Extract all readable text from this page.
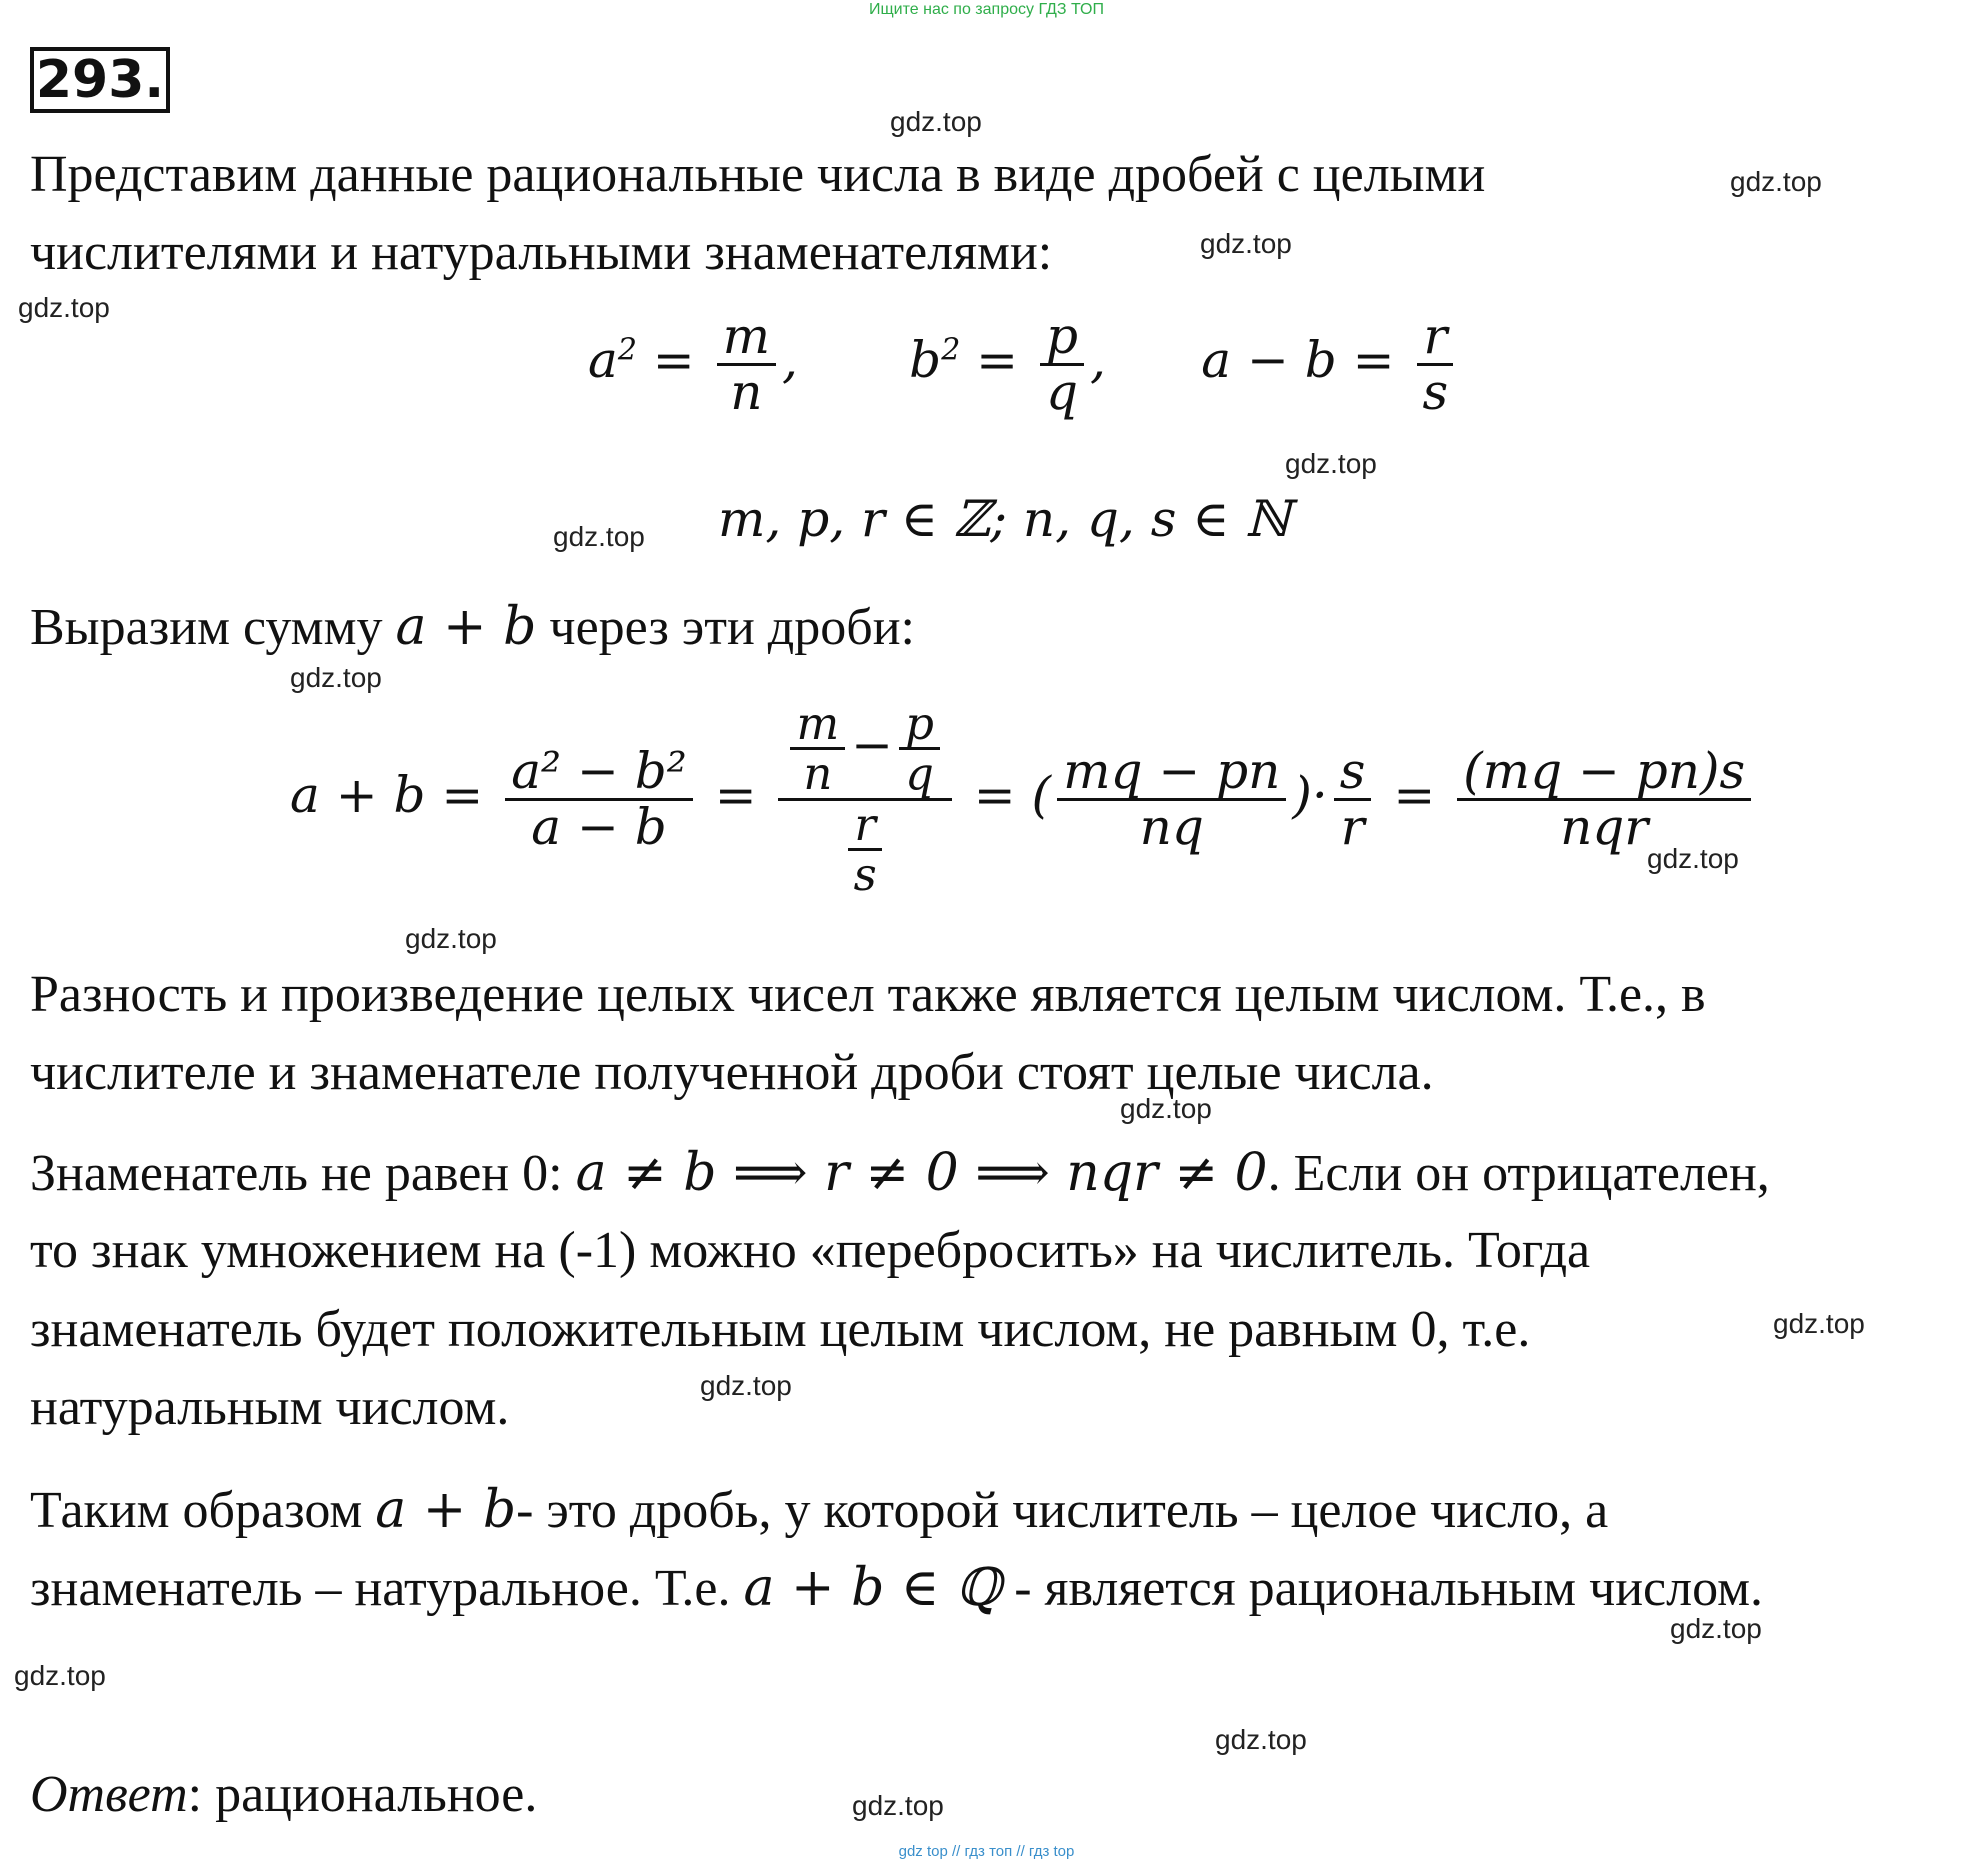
Ищите нас по запросу ГДЗ ТОП
293.
gdz.top
gdz.top
gdz.top
gdz.top
gdz.top
gdz.top
gdz.top
gdz.top
gdz.top
gdz.top
gdz.top
gdz.top
gdz.top
gdz.top
gdz.top
gdz.top
Представим данные рациональные числа в виде дробей с целыми
числителями и натуральными знаменателями:
$a^2 = \frac{m}{n}$ ,       $b^2 = \frac{p}{q}$ ,      $a - b = \frac{r}{s}$
m, p, r ∈ ℤ; n, q, s ∈ ℕ
Выразим сумму a + b через эти дроби:
$a + b = \frac{\text{a² − b²}}{a - b} = \frac{\frac{m}{n} - \frac{p}{q}}{\frac{r}{s}}$ = ( $\frac{mq - pn}{nq}$ )· $\frac{s}{r} = \frac{(mq - pn)s}{\text{nqr}}$
Разность и произведение целых чисел также является целым числом. Т.е., в
числителе и знаменателе полученной дроби стоят целые числа.
Знаменатель не равен 0: a ≠ b ⟹ r ≠ 0 ⟹ nqr ≠ 0. Если он отрицателен,
то знак умножением на (-1) можно «перебросить» на числитель. Тогда
знаменатель будет положительным целым числом, не равным 0, т.е.
натуральным числом.
Таким образом a + b- это дробь, у которой числитель – целое число, а
знаменатель – натуральное. Т.е. a + b ∈ ℚ - является рациональным числом.
Ответ: рациональное.
gdz top // гдз топ // гдз top
